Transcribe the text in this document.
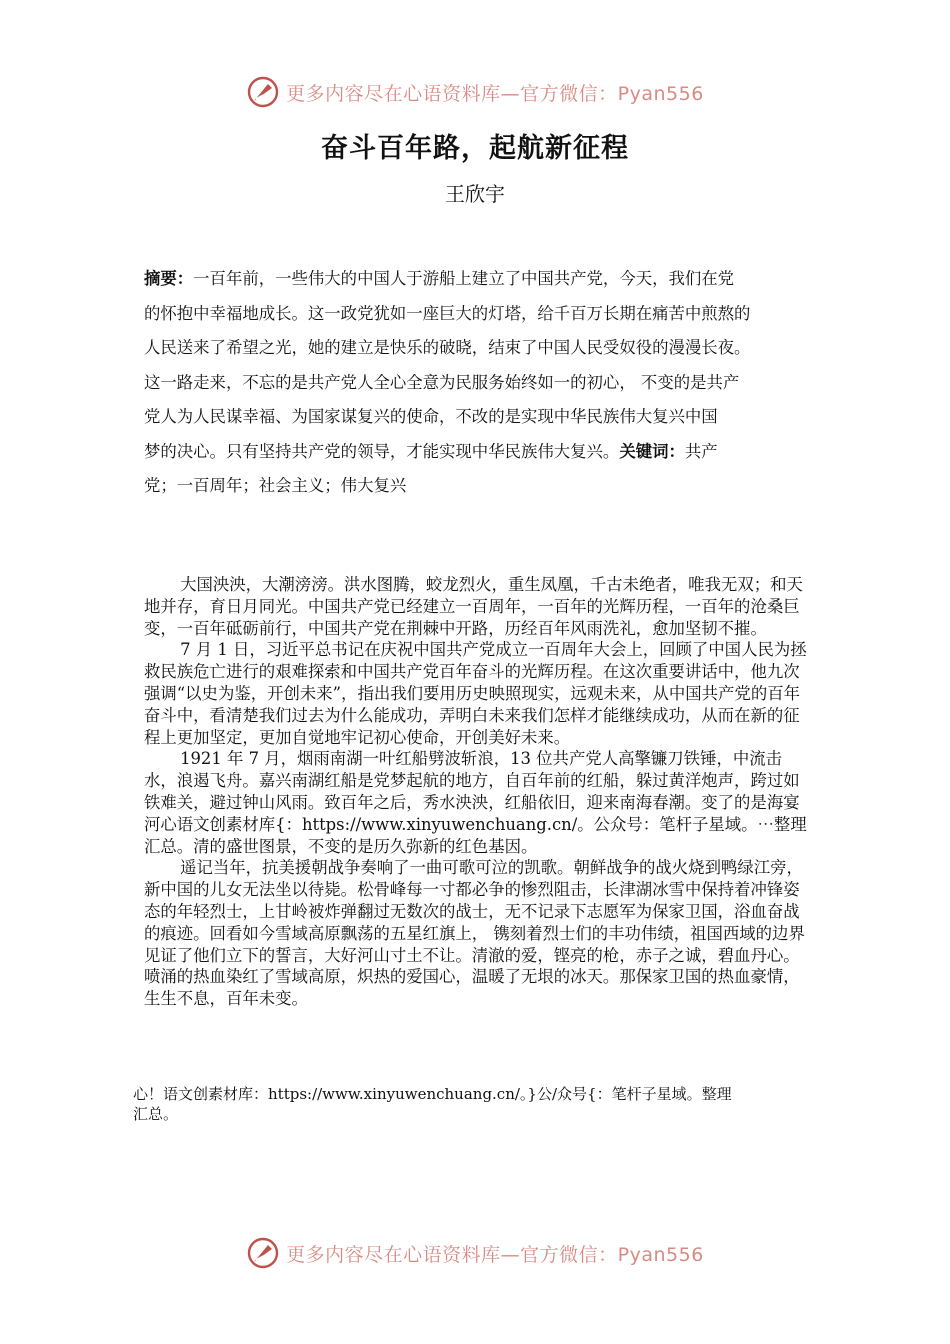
更多内容尽在心语资料库—官方微信：Pyan556
奋斗百年路，起航新征程
王欣宇
摘要：一百年前，一些伟大的中国人于游船上建立了中国共产党，今天，我们在党
的怀抱中幸福地成长。这一政党犹如一座巨大的灯塔，给千百万长期在痛苦中煎熬的
人民送来了希望之光，她的建立是快乐的破晓，结束了中国人民受奴役的漫漫长夜。
这一路走来，不忘的是共产党人全心全意为民服务始终如一的初心， 不变的是共产
党人为人民谋幸福、为国家谋复兴的使命，不改的是实现中华民族伟大复兴中国
梦的决心。只有坚持共产党的领导，才能实现中华民族伟大复兴。关键词：共产
党；一百周年；社会主义；伟大复兴

大国泱泱，大潮滂滂。洪水图腾，蛟龙烈火，重生凤凰，千古未绝者，唯我无双；和天地并存，育日月同光。中国共产党已经建立一百周年，一百年的光辉历程，一百年的沧桑巨变，一百年砥砺前行，中国共产党在荆棘中开路，历经百年风雨洗礼，愈加坚韧不摧。

7 月 1 日，习近平总书记在庆祝中国共产党成立一百周年大会上，回顾了中国人民为拯救民族危亡进行的艰难探索和中国共产党百年奋斗的光辉历程。在这次重要讲话中，他九次强调“以史为鉴，开创未来”，指出我们要用历史映照现实，远观未来，从中国共产党的百年奋斗中，看清楚我们过去为什么能成功，弄明白未来我们怎样才能继续成功，从而在新的征程上更加坚定，更加自觉地牢记初心使命，开创美好未来。

1921 年 7 月，烟雨南湖一叶红船劈波斩浪，13 位共产党人高擎镰刀铁锤，中流击水，浪遏飞舟。嘉兴南湖红船是党梦起航的地方，自百年前的红船，躲过黄洋炮声，跨过如铁难关，避过钟山风雨。致百年之后，秀水泱泱，红船依旧，迎来南海春潮。变了的是海宴河心语文创素材库{：https://www.xinyuwenchuang.cn/。公众号：笔杆子星域。⋯整理汇总。清的盛世图景，不变的是历久弥新的红色基因。

遥记当年，抗美援朝战争奏响了一曲可歌可泣的凯歌。朝鲜战争的战火烧到鸭绿江旁，新中国的儿女无法坐以待毙。松骨峰每一寸都必争的惨烈阻击，长津湖冰雪中保持着冲锋姿态的年轻烈士，上甘岭被炸弹翻过无数次的战士，无不记录下志愿军为保家卫国，浴血奋战的痕迹。回看如今雪域高原飘荡的五星红旗上， 镌刻着烈士们的丰功伟绩，祖国西域的边界见证了他们立下的誓言，大好河山寸土不让。清澈的爱，铿亮的枪，赤子之诚，碧血丹心。喷涌的热血染红了雪域高原，炽热的爱国心，温暖了无垠的冰天。那保家卫国的热血豪情，生生不息，百年未变。

心！语文创素材库：https://www.xinyuwenchuang.cn/。}公/众号{：笔杆子星域。整理
汇总。
更多内容尽在心语资料库—官方微信：Pyan556
